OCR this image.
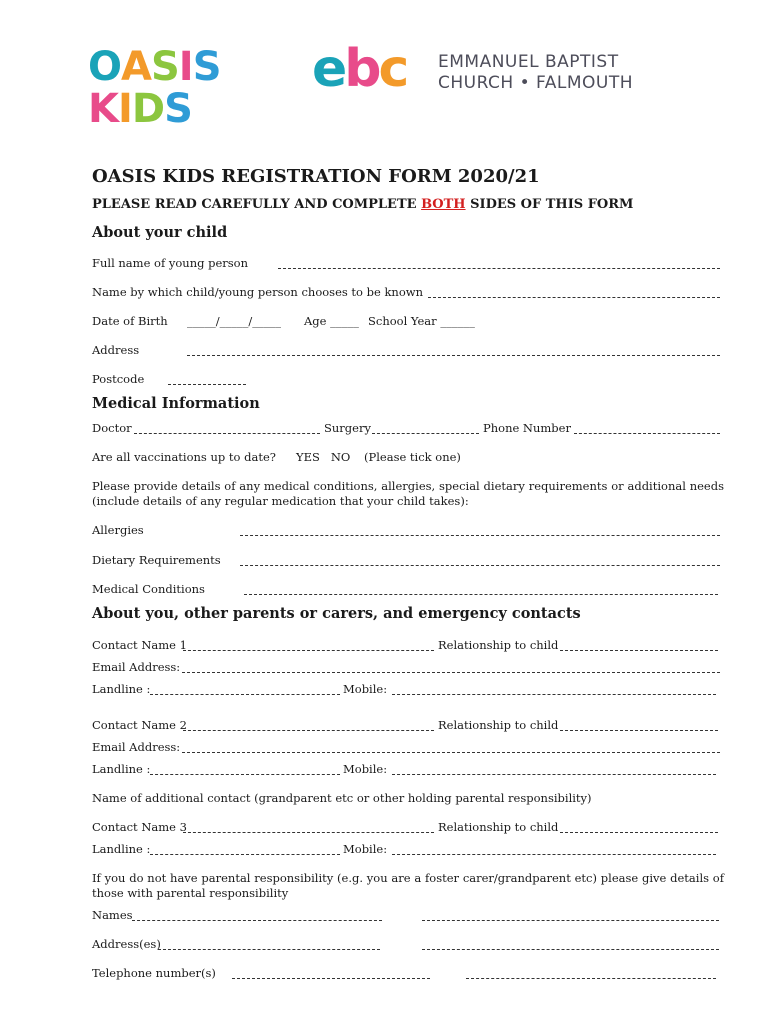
O A S I S
K I D S
ebc EMMANUEL BAPTIST
CHURCH • FALMOUTH
OASIS KIDS REGISTRATION FORM 2020/21
PLEASE READ CAREFULLY AND COMPLETE BOTH SIDES OF THIS FORM
About your child
Full name of young person
Name by which child/young person chooses to be known
Date of Birth _____/_____/_____ Age _____ School Year ______
Address
Postcode
Medical Information
Doctor	Surgery	Phone Number
Are all vaccinations up to date? YES   NO (Please tick one)
Please provide details of any medical conditions, allergies, special dietary requirements or additional needs (include details of any regular medication that your child takes):
Allergies
Dietary Requirements
Medical Conditions
About you, other parents or carers, and emergency contacts
Contact Name 1	Relationship to child
Email Address:
Landline :	Mobile:
Contact Name 2	Relationship to child
Email Address:
Landline :	Mobile:
Name of additional contact (grandparent etc or other holding parental responsibility)
Contact Name 3	Relationship to child
Landline :	Mobile:
If you do not have parental responsibility (e.g. you are a foster carer/grandparent etc) please give details of those with parental responsibility
Names
Address(es)
Telephone number(s)
